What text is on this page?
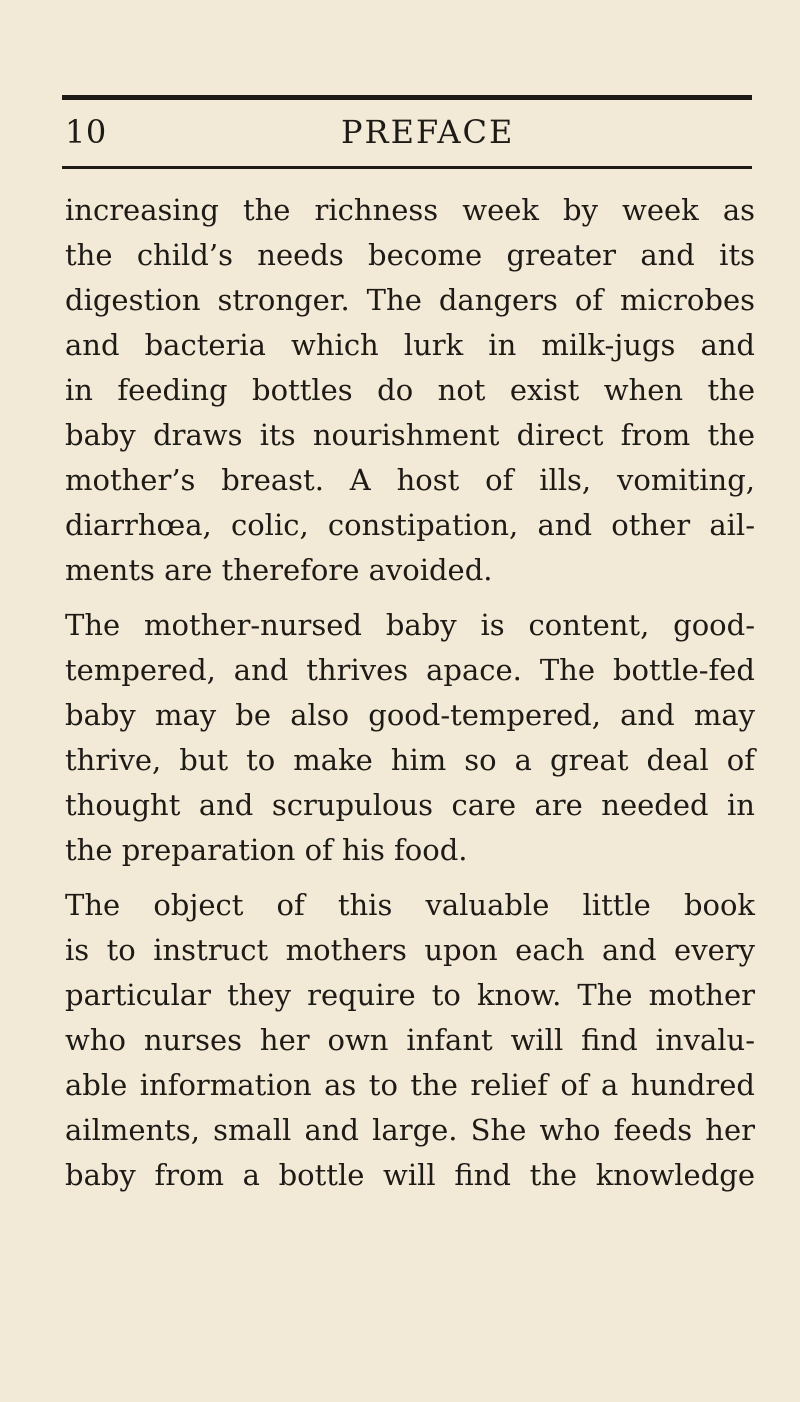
10	PREFACE
increasing the richness week by week as
the child’s needs become greater and its
digestion stronger. The dangers of microbes
and bacteria which lurk in milk-jugs and
in feeding bottles do not exist when the
baby draws its nourishment direct from the
mother’s breast. A host of ills, vomiting,
diarrhœa, colic, constipation, and other ail-
ments are therefore avoided.
The mother-nursed baby is content, good-
tempered, and thrives apace. The bottle-fed
baby may be also good-tempered, and may
thrive, but to make him so a great deal of
thought and scrupulous care are needed in
the preparation of his food.
The object of this valuable little book
is to instruct mothers upon each and every
particular they require to know. The mother
who nurses her own infant will find invalu-
able information as to the relief of a hundred
ailments, small and large. She who feeds her
baby from a bottle will find the knowledge
